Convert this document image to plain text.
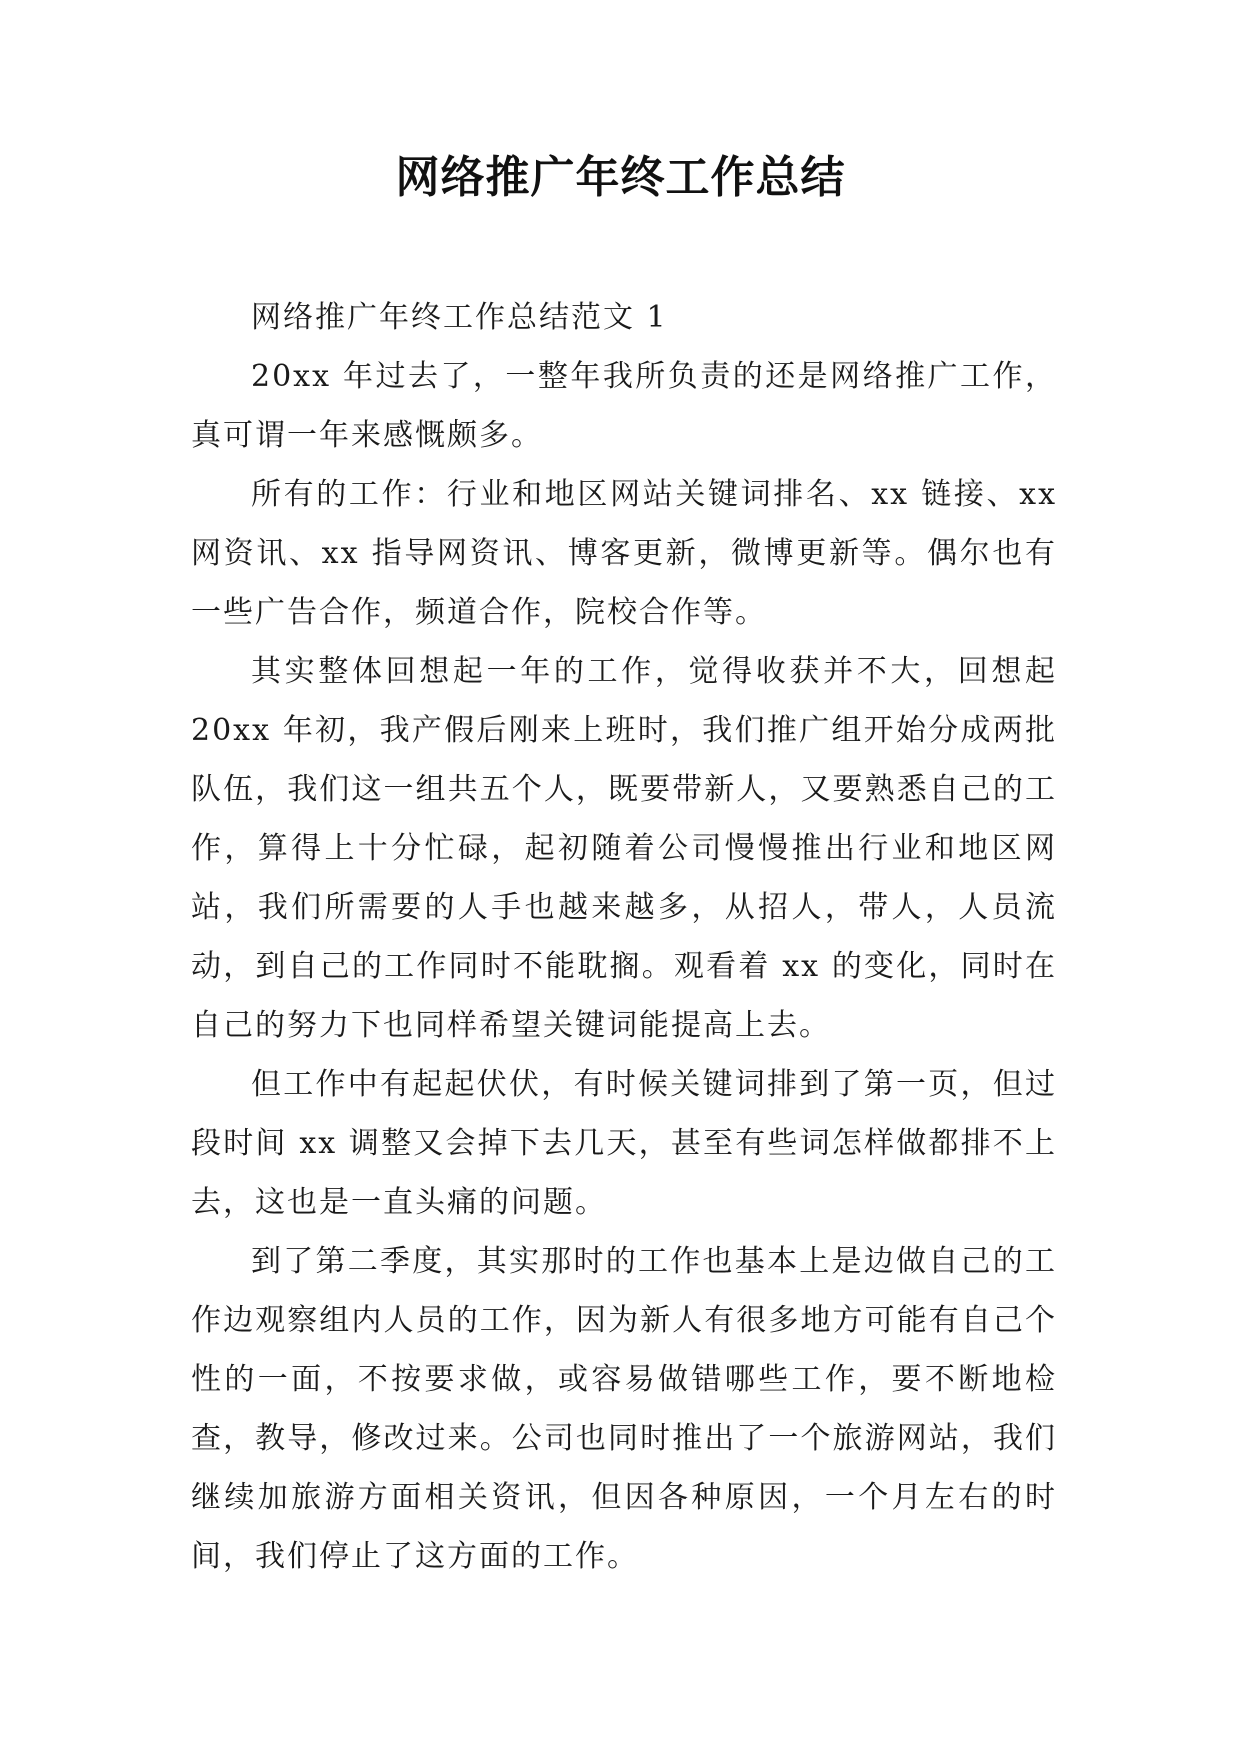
网络推广年终工作总结

网络推广年终工作总结范文 1

20xx 年过去了，一整年我所负责的还是网络推广工作，真可谓一年来感慨颇多。

所有的工作：行业和地区网站关键词排名、xx 链接、xx 网资讯、xx 指导网资讯、博客更新，微博更新等。偶尔也有一些广告合作，频道合作，院校合作等。

其实整体回想起一年的工作，觉得收获并不大，回想起 20xx 年初，我产假后刚来上班时，我们推广组开始分成两批队伍，我们这一组共五个人，既要带新人，又要熟悉自己的工作，算得上十分忙碌，起初随着公司慢慢推出行业和地区网站，我们所需要的人手也越来越多，从招人，带人，人员流动，到自己的工作同时不能耽搁。观看着 xx 的变化，同时在自己的努力下也同样希望关键词能提高上去。

但工作中有起起伏伏，有时候关键词排到了第一页，但过段时间 xx 调整又会掉下去几天，甚至有些词怎样做都排不上去，这也是一直头痛的问题。

到了第二季度，其实那时的工作也基本上是边做自己的工作边观察组内人员的工作，因为新人有很多地方可能有自己个性的一面，不按要求做，或容易做错哪些工作，要不断地检查，教导，修改过来。公司也同时推出了一个旅游网站，我们继续加旅游方面相关资讯，但因各种原因，一个月左右的时间，我们停止了这方面的工作。
